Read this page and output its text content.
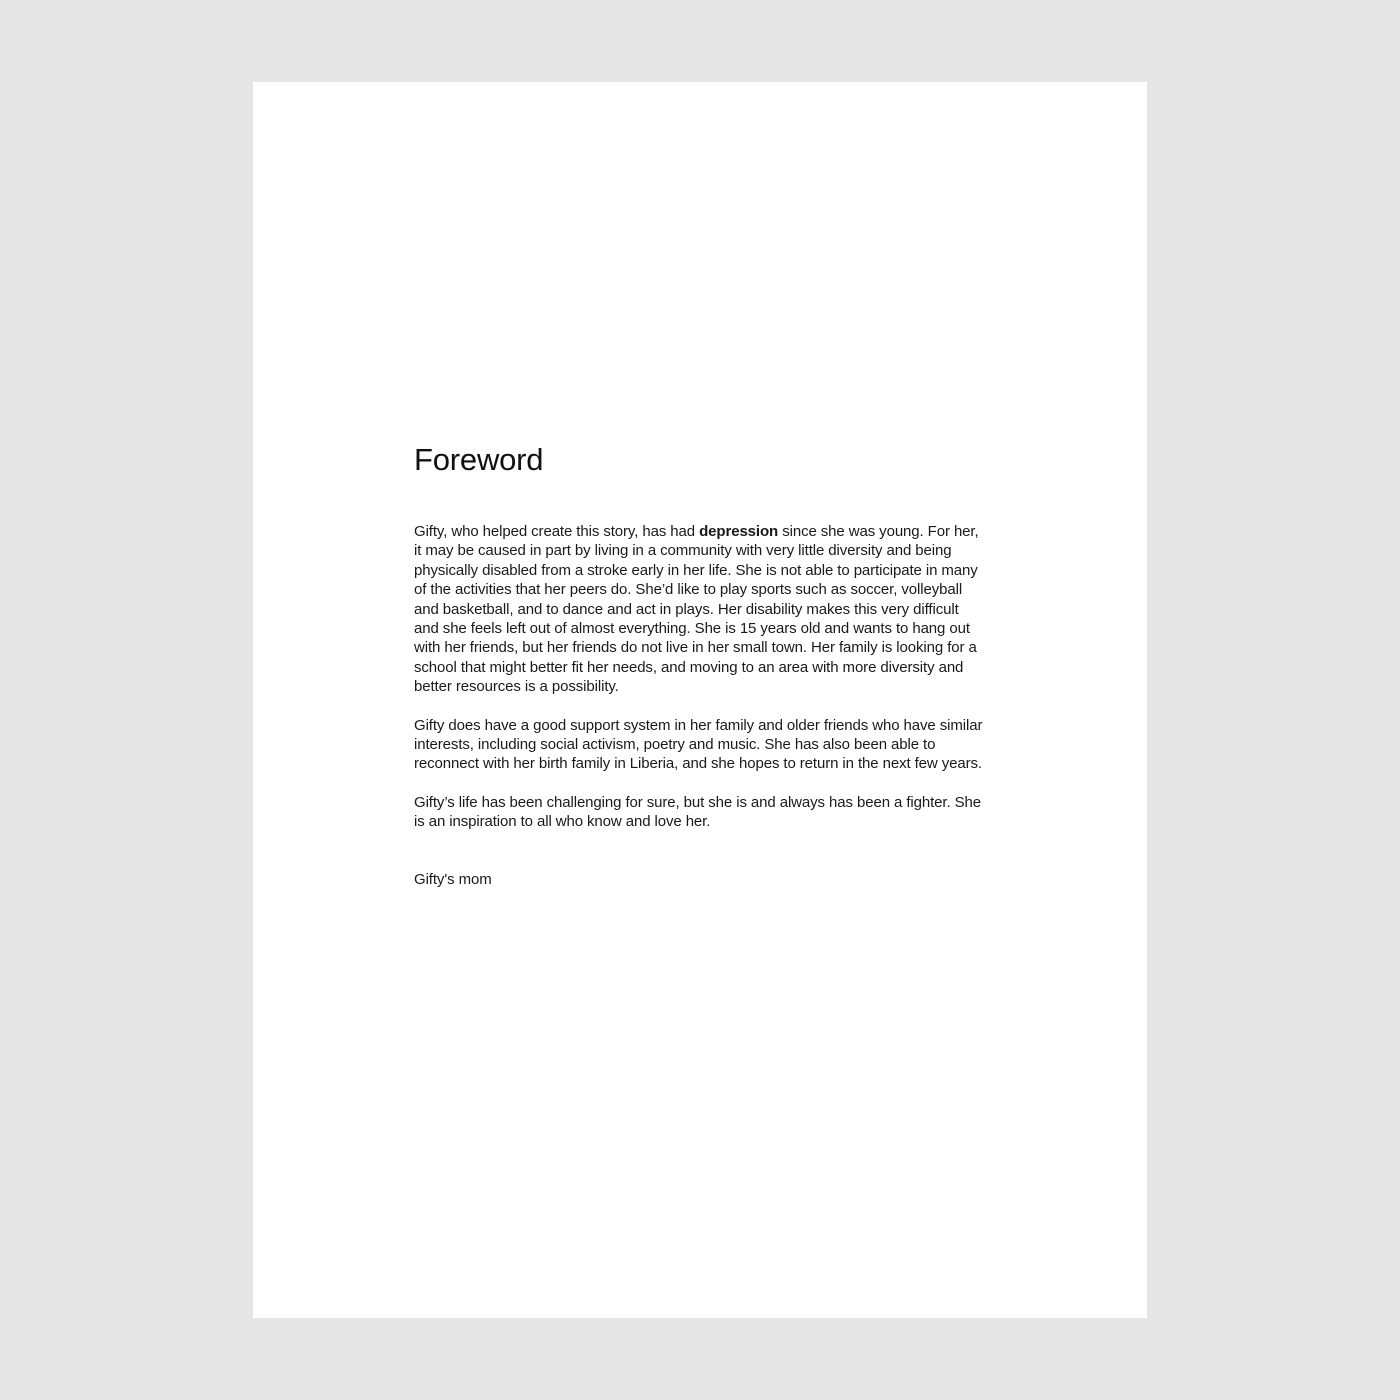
Foreword

Gifty, who helped create this story, has had depression since she was young. For her, it may be caused in part by living in a community with very little diversity and being physically disabled from a stroke early in her life. She is not able to participate in many of the activities that her peers do. She’d like to play sports such as soccer, volleyball and basketball, and to dance and act in plays. Her disability makes this very difficult and she feels left out of almost everything. She is 15 years old and wants to hang out with her friends, but her friends do not live in her small town. Her family is looking for a school that might better fit her needs, and moving to an area with more diversity and better resources is a possibility.

Gifty does have a good support system in her family and older friends who have similar interests, including social activism, poetry and music. She has also been able to reconnect with her birth family in Liberia, and she hopes to return in the next few years.

Gifty’s life has been challenging for sure, but she is and always has been a fighter. She is an inspiration to all who know and love her.

Gifty's mom
